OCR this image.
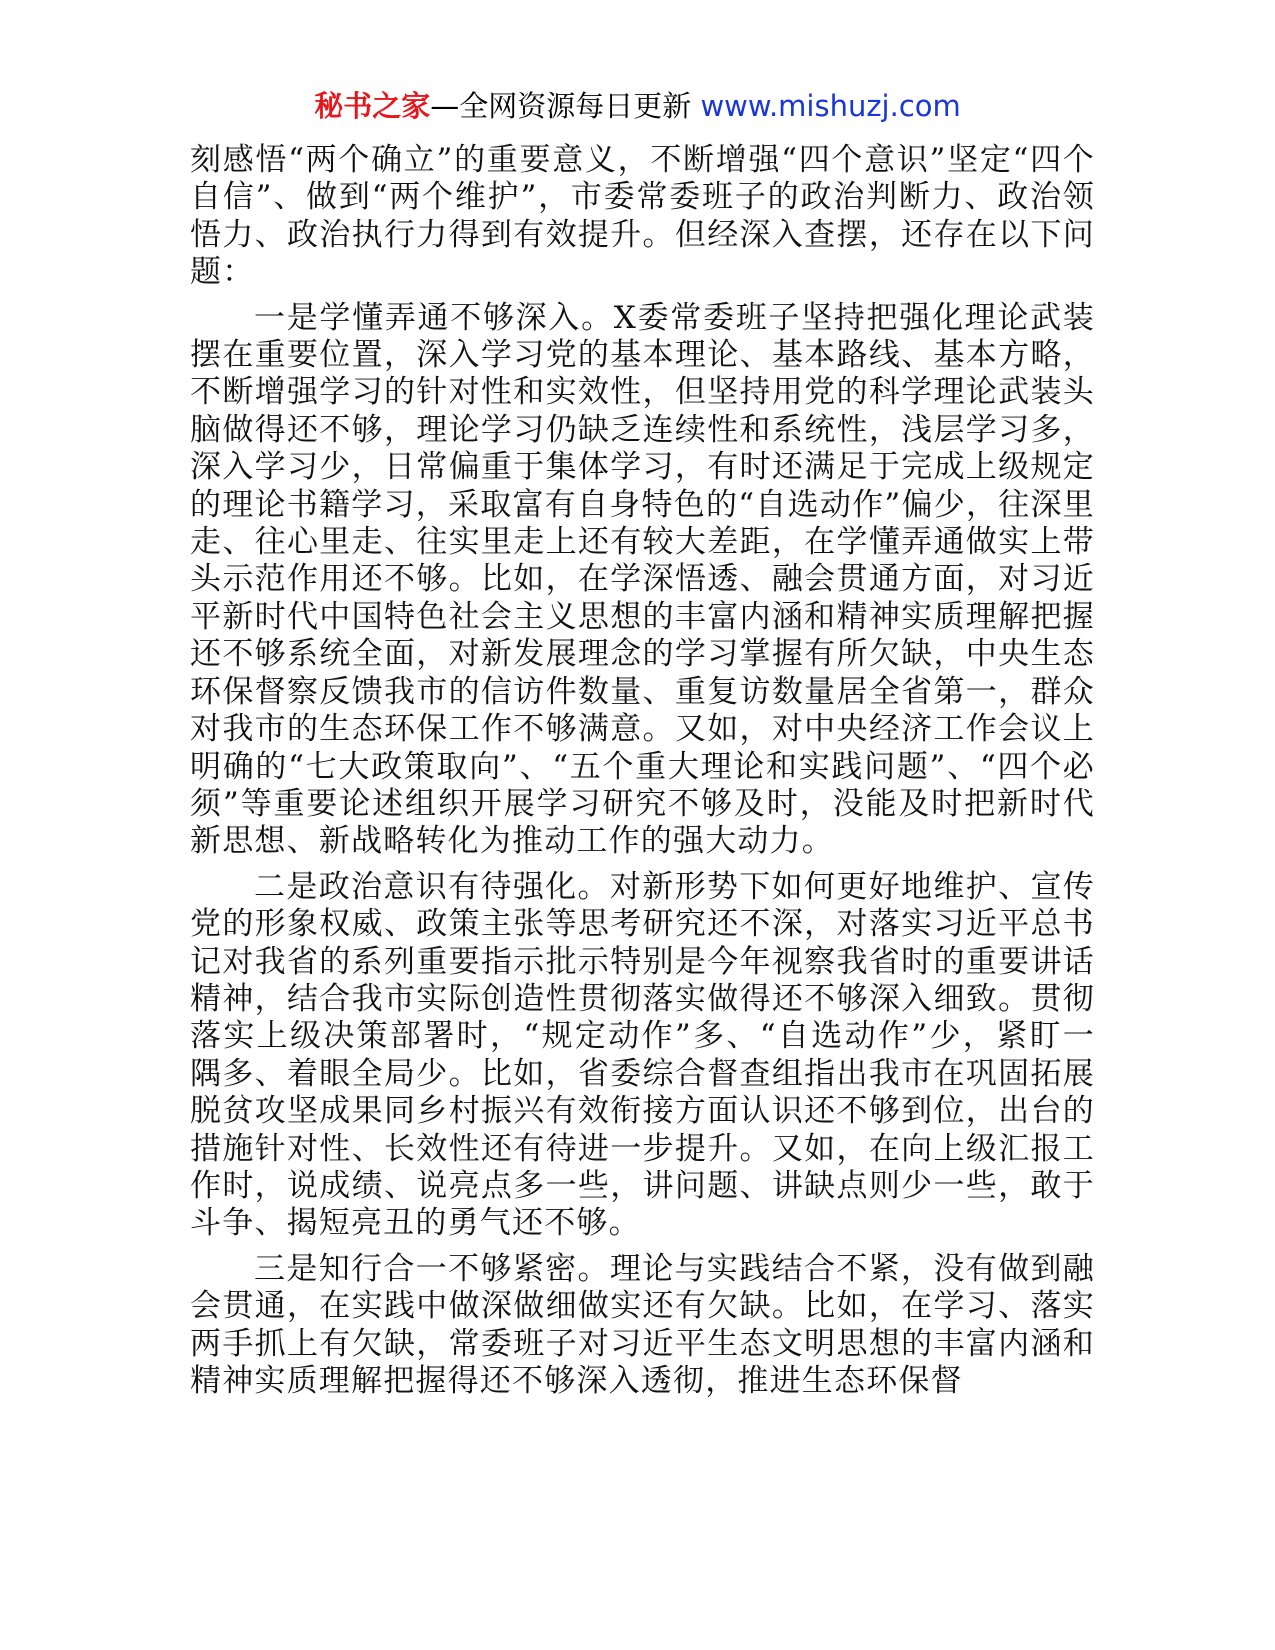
秘书之家—全网资源每日更新 www.mishuzj.com

刻感悟“两个确立”的重要意义，不断增强“四个意识”坚定“四个自信”、做到“两个维护”，市委常委班子的政治判断力、政治领悟力、政治执行力得到有效提升。但经深入查摆，还存在以下问题：

一是学懂弄通不够深入。X委常委班子坚持把强化理论武装摆在重要位置，深入学习党的基本理论、基本路线、基本方略，不断增强学习的针对性和实效性，但坚持用党的科学理论武装头脑做得还不够，理论学习仍缺乏连续性和系统性，浅层学习多，深入学习少，日常偏重于集体学习，有时还满足于完成上级规定的理论书籍学习，采取富有自身特色的“自选动作”偏少，往深里走、往心里走、往实里走上还有较大差距，在学懂弄通做实上带头示范作用还不够。比如，在学深悟透、融会贯通方面，对习近平新时代中国特色社会主义思想的丰富内涵和精神实质理解把握还不够系统全面，对新发展理念的学习掌握有所欠缺，中央生态环保督察反馈我市的信访件数量、重复访数量居全省第一，群众对我市的生态环保工作不够满意。又如，对中央经济工作会议上明确的“七大政策取向”、“五个重大理论和实践问题”、“四个必须”等重要论述组织开展学习研究不够及时，没能及时把新时代新思想、新战略转化为推动工作的强大动力。

二是政治意识有待强化。对新形势下如何更好地维护、宣传党的形象权威、政策主张等思考研究还不深，对落实习近平总书记对我省的系列重要指示批示特别是今年视察我省时的重要讲话精神，结合我市实际创造性贯彻落实做得还不够深入细致。贯彻落实上级决策部署时，“规定动作”多、“自选动作”少，紧盯一隅多、着眼全局少。比如，省委综合督查组指出我市在巩固拓展脱贫攻坚成果同乡村振兴有效衔接方面认识还不够到位，出台的措施针对性、长效性还有待进一步提升。又如，在向上级汇报工作时，说成绩、说亮点多一些，讲问题、讲缺点则少一些，敢于斗争、揭短亮丑的勇气还不够。

三是知行合一不够紧密。理论与实践结合不紧，没有做到融会贯通，在实践中做深做细做实还有欠缺。比如，在学习、落实两手抓上有欠缺，常委班子对习近平生态文明思想的丰富内涵和精神实质理解把握得还不够深入透彻，推进生态环保督
